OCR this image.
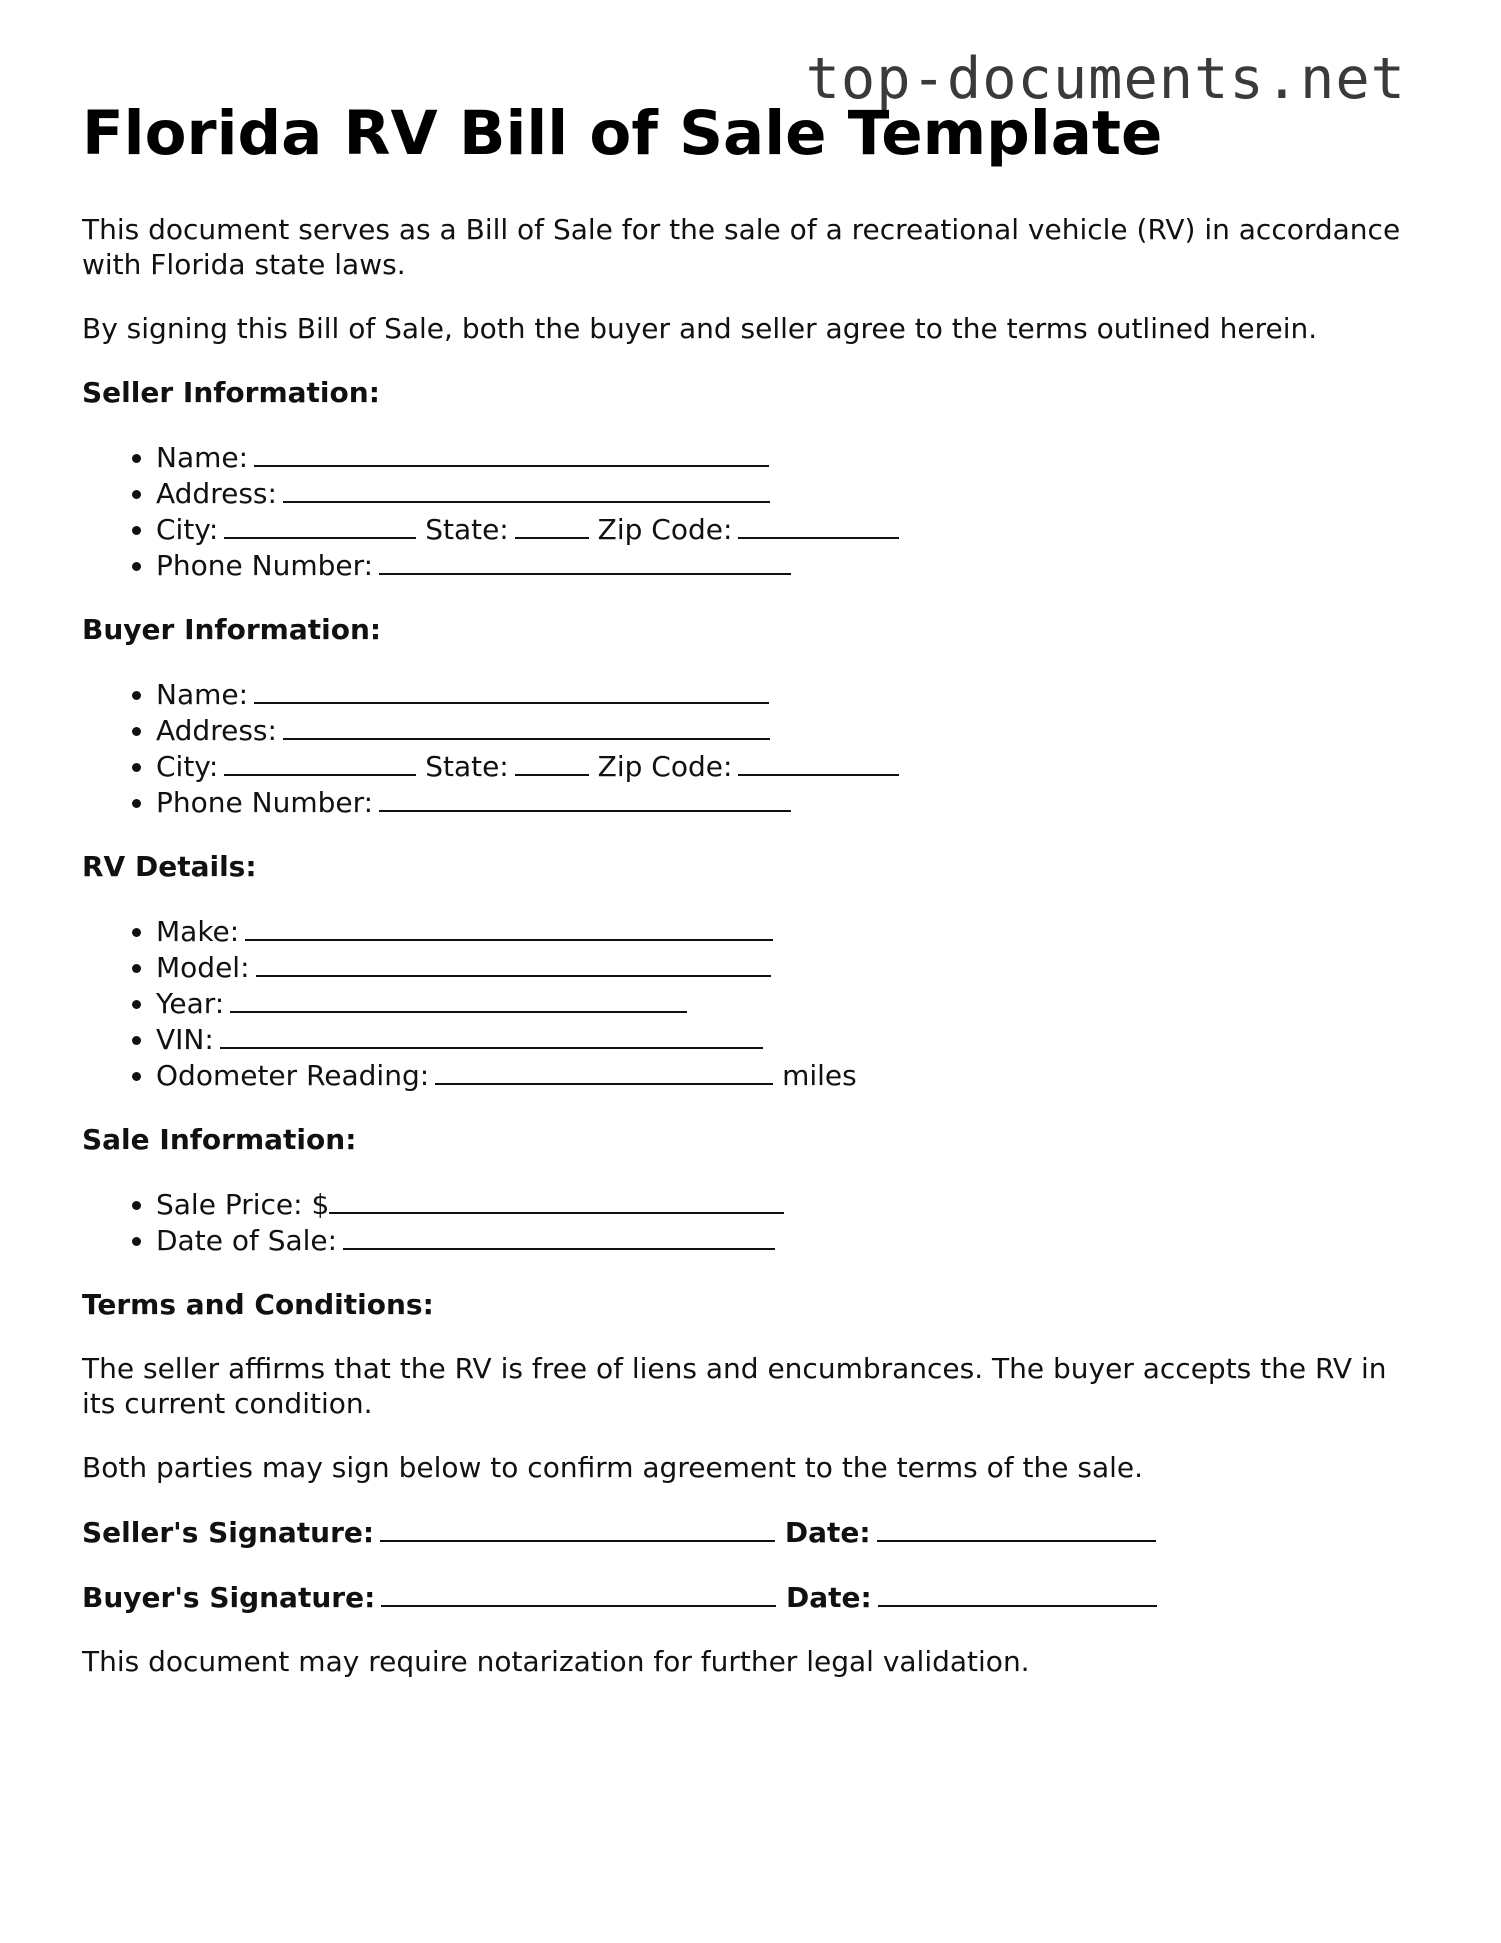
top-documents.net
Florida RV Bill of Sale Template

This document serves as a Bill of Sale for the sale of a recreational vehicle (RV) in accordance with Florida state laws.

By signing this Bill of Sale, both the buyer and seller agree to the terms outlined herein.

Seller Information:
• Name:
• Address:
• City:	State:	Zip Code:
• Phone Number:
Buyer Information:
• Name:
• Address:
• City:	State:	Zip Code:
• Phone Number:
RV Details:
• Make:
• Model:
• Year:
• VIN:
• Odometer Reading:	miles
Sale Information:
• Sale Price: $
• Date of Sale:
Terms and Conditions:

The seller affirms that the RV is free of liens and encumbrances. The buyer accepts the RV in its current condition.

Both parties may sign below to confirm agreement to the terms of the sale.

Seller's Signature:	Date:
Buyer's Signature:	Date:

This document may require notarization for further legal validation.
